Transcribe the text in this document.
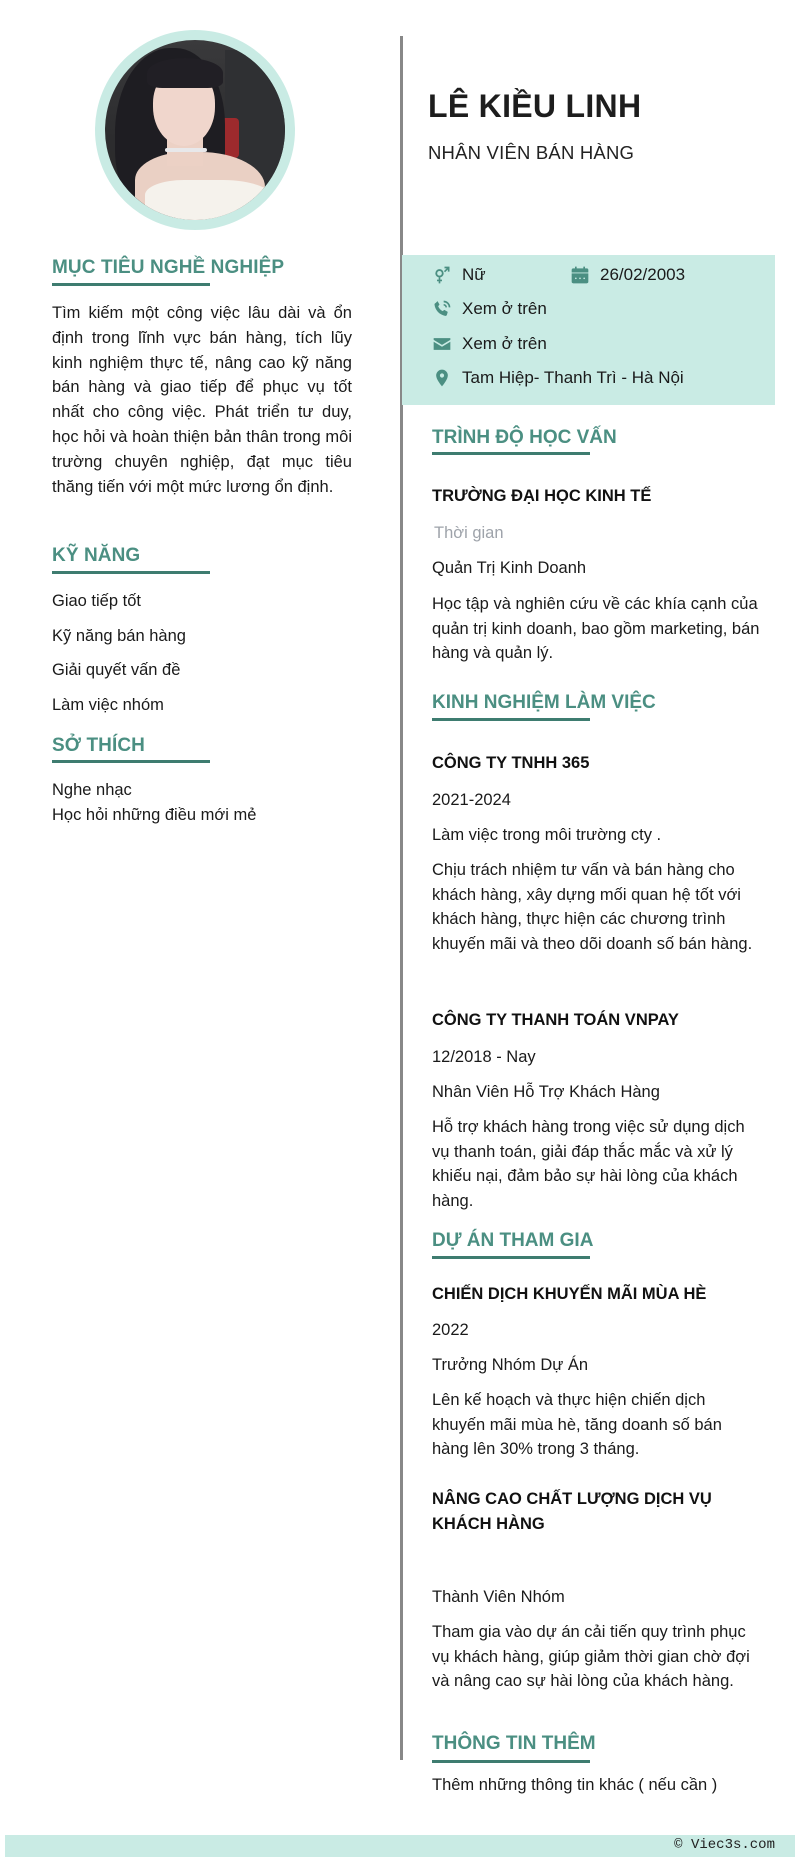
MỤC TIÊU NGHỀ NGHIỆP

Tìm kiếm một công việc lâu dài và ổn định trong lĩnh vực bán hàng, tích lũy kinh nghiệm thực tế, nâng cao kỹ năng bán hàng và giao tiếp để phục vụ tốt nhất cho công việc. Phát triển tư duy, học hỏi và hoàn thiện bản thân trong môi trường chuyên nghiệp, đạt mục tiêu thăng tiến với một mức lương ổn định.

KỸ NĂNG
Giao tiếp tốt
Kỹ năng bán hàng
Giải quyết vấn đề
Làm việc nhóm
SỞ THÍCH
Nghe nhạc
Học hỏi những điều mới mẻ
LÊ KIỀU LINH
NHÂN VIÊN BÁN HÀNG
Nữ	26/02/2003
Xem ở trên
Xem ở trên
Tam Hiệp- Thanh Trì - Hà Nội
TRÌNH ĐỘ HỌC VẤN
TRƯỜNG ĐẠI HỌC KINH TẾ
Thời gian
Quản Trị Kinh Doanh
Học tập và nghiên cứu về các khía cạnh của quản trị kinh doanh, bao gồm marketing, bán hàng và quản lý.
KINH NGHIỆM LÀM VIỆC
CÔNG TY TNHH 365
2021-2024
Làm việc trong môi trường cty .
Chịu trách nhiệm tư vấn và bán hàng cho khách hàng, xây dựng mối quan hệ tốt với khách hàng, thực hiện các chương trình khuyến mãi và theo dõi doanh số bán hàng.
CÔNG TY THANH TOÁN VNPAY
12/2018 - Nay
Nhân Viên Hỗ Trợ Khách Hàng
Hỗ trợ khách hàng trong việc sử dụng dịch vụ thanh toán, giải đáp thắc mắc và xử lý khiếu nại, đảm bảo sự hài lòng của khách hàng.
DỰ ÁN THAM GIA
CHIẾN DỊCH KHUYẾN MÃI MÙA HÈ
2022
Trưởng Nhóm Dự Án
Lên kế hoạch và thực hiện chiến dịch khuyến mãi mùa hè, tăng doanh số bán hàng lên 30% trong 3 tháng.
NÂNG CAO CHẤT LƯỢNG DỊCH VỤ KHÁCH HÀNG
Thành Viên Nhóm
Tham gia vào dự án cải tiến quy trình phục vụ khách hàng, giúp giảm thời gian chờ đợi và nâng cao sự hài lòng của khách hàng.
THÔNG TIN THÊM
Thêm những thông tin khác ( nếu cần )
© Viec3s.com
